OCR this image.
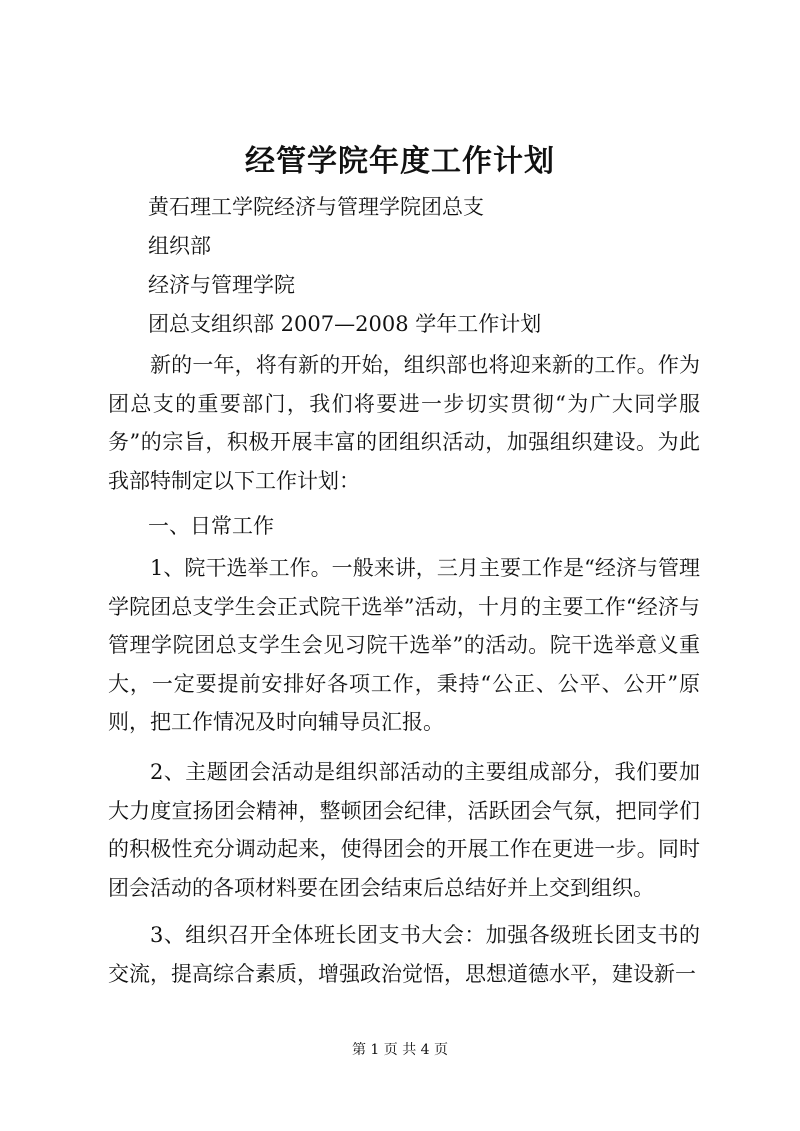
经管学院年度工作计划
黄石理工学院经济与管理学院团总支
组织部
经济与管理学院
团总支组织部 2007—2008 学年工作计划
新的一年，将有新的开始，组织部也将迎来新的工作。作为团总支的重要部门，我们将要进一步切实贯彻“为广大同学服务”的宗旨，积极开展丰富的团组织活动，加强组织建设。为此我部特制定以下工作计划：
一、日常工作
1、院干选举工作。一般来讲，三月主要工作是“经济与管理学院团总支学生会正式院干选举”活动，十月的主要工作“经济与管理学院团总支学生会见习院干选举”的活动。院干选举意义重大，一定要提前安排好各项工作，秉持“公正、公平、公开”原则，把工作情况及时向辅导员汇报。
2、主题团会活动是组织部活动的主要组成部分，我们要加大力度宣扬团会精神，整顿团会纪律，活跃团会气氛，把同学们的积极性充分调动起来，使得团会的开展工作在更进一步。同时团会活动的各项材料要在团会结束后总结好并上交到组织。
3、组织召开全体班长团支书大会：加强各级班长团支书的交流，提高综合素质，增强政治觉悟，思想道德水平，建设新一
第 1 页 共 4 页
